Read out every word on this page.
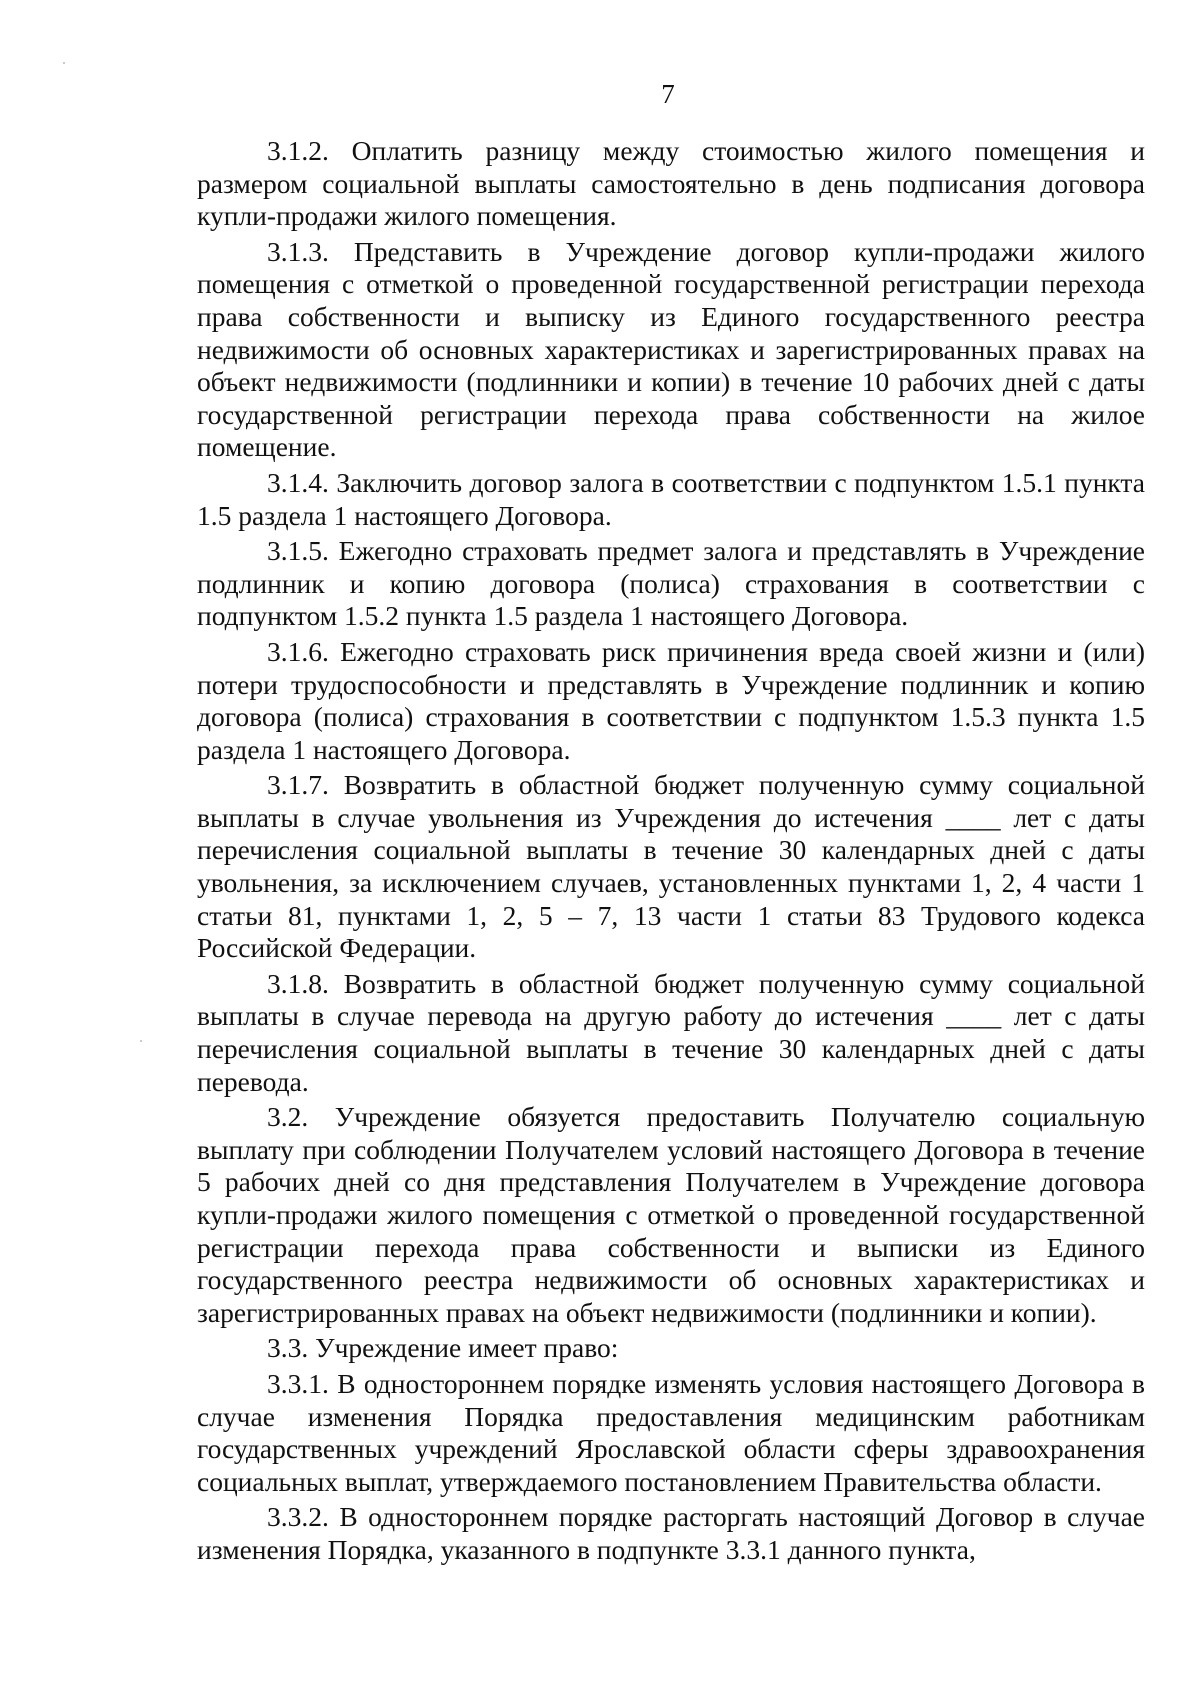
7

3.1.2. Оплатить разницу между стоимостью жилого помещения и размером социальной выплаты самостоятельно в день подписания договора купли-продажи жилого помещения.

3.1.3. Представить в Учреждение договор купли-продажи жилого помещения с отметкой о проведенной государственной регистрации перехода права собственности и выписку из Единого государственного реестра недвижимости об основных характеристиках и зарегистрированных правах на объект недвижимости (подлинники и копии) в течение 10 рабочих дней с даты государственной регистрации перехода права собственности на жилое помещение.

3.1.4. Заключить договор залога в соответствии с подпунктом 1.5.1 пункта 1.5 раздела 1 настоящего Договора.

3.1.5. Ежегодно страховать предмет залога и представлять в Учреждение подлинник и копию договора (полиса) страхования в соответствии с подпунктом 1.5.2 пункта 1.5 раздела 1 настоящего Договора.

3.1.6. Ежегодно страховать риск причинения вреда своей жизни и (или) потери трудоспособности и представлять в Учреждение подлинник и копию договора (полиса) страхования в соответствии с подпунктом 1.5.3 пункта 1.5 раздела 1 настоящего Договора.

3.1.7. Возвратить в областной бюджет полученную сумму социальной выплаты в случае увольнения из Учреждения до истечения ____ лет с даты перечисления социальной выплаты в течение 30 календарных дней с даты увольнения, за исключением случаев, установленных пунктами 1, 2, 4 части 1 статьи 81, пунктами 1, 2, 5 – 7, 13 части 1 статьи 83 Трудового кодекса Российской Федерации.

3.1.8. Возвратить в областной бюджет полученную сумму социальной выплаты в случае перевода на другую работу до истечения ____ лет с даты перечисления социальной выплаты в течение 30 календарных дней с даты перевода.

3.2. Учреждение обязуется предоставить Получателю социальную выплату при соблюдении Получателем условий настоящего Договора в течение 5 рабочих дней со дня представления Получателем в Учреждение договора купли-продажи жилого помещения с отметкой о проведенной государственной регистрации перехода права собственности и выписки из Единого государственного реестра недвижимости об основных характеристиках и зарегистрированных правах на объект недвижимости (подлинники и копии).

3.3. Учреждение имеет право:

3.3.1. В одностороннем порядке изменять условия настоящего Договора в случае изменения Порядка предоставления медицинским работникам государственных учреждений Ярославской области сферы здравоохранения социальных выплат, утверждаемого постановлением Правительства области.

3.3.2. В одностороннем порядке расторгать настоящий Договор в случае изменения Порядка, указанного в подпункте 3.3.1 данного пункта,
